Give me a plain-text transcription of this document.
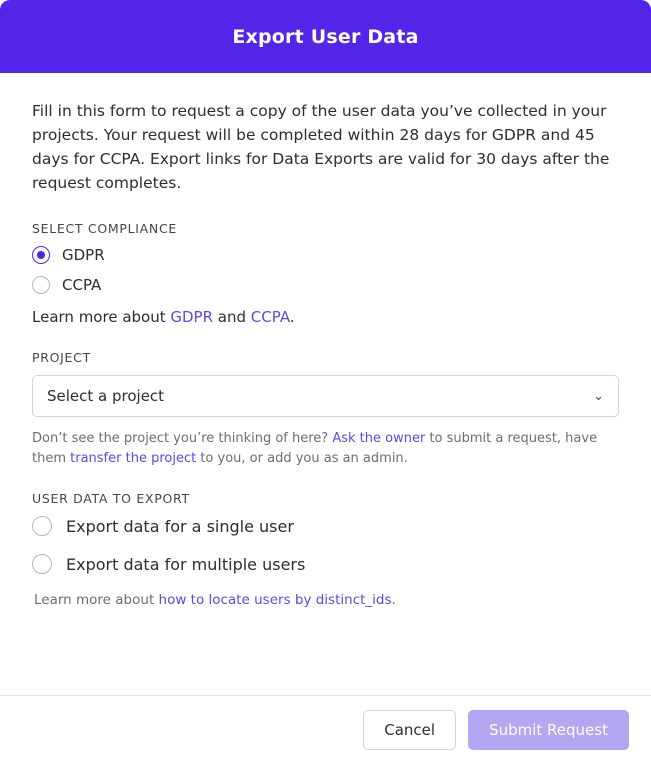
Export User Data

Fill in this form to request a copy of the user data you’ve collected in your projects. Your request will be completed within 28 days for GDPR and 45 days for CCPA. Export links for Data Exports are valid for 30 days after the request completes.

SELECT COMPLIANCE
GDPR
CCPA
Learn more about GDPR and CCPA.
PROJECT
Select a project	⌄
Don’t see the project you’re thinking of here? Ask the owner to submit a request, have them transfer the project to you, or add you as an admin.
USER DATA TO EXPORT
Export data for a single user
Export data for multiple users
Learn more about how to locate users by distinct_ids.
Cancel	Submit Request
